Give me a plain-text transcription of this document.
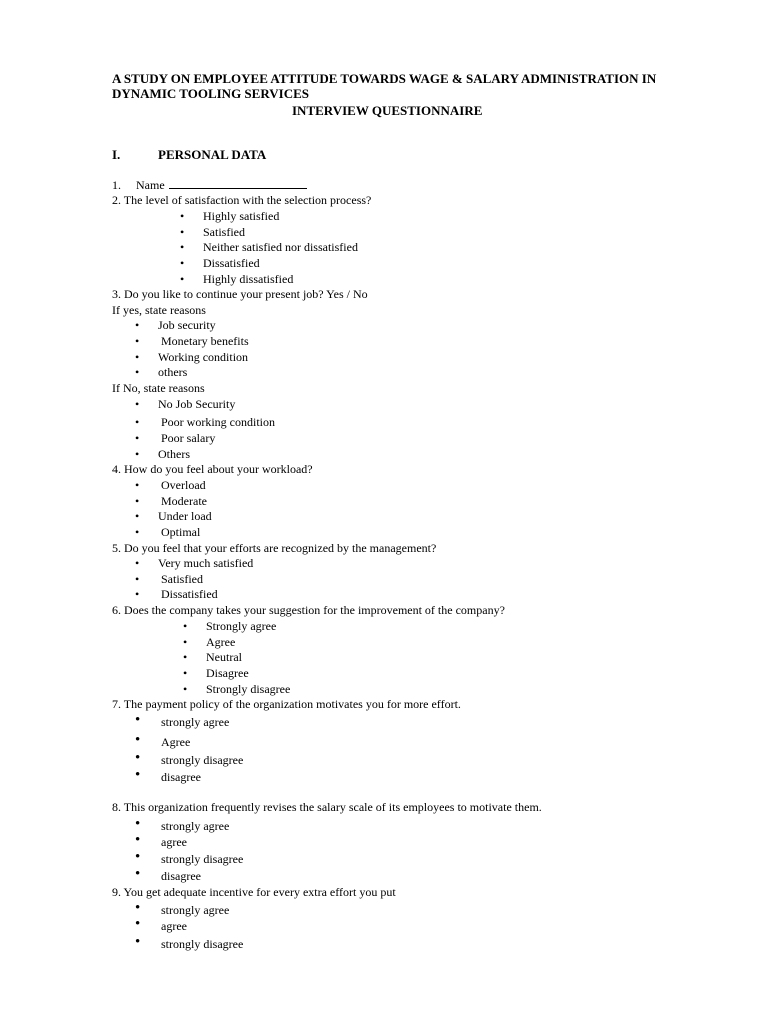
A STUDY ON EMPLOYEE ATTITUDE TOWARDS WAGE & SALARY ADMINISTRATION IN
DYNAMIC TOOLING SERVICES
INTERVIEW QUESTIONNAIRE
I.	PERSONAL DATA
1. Name
2. The level of satisfaction with the selection process?
• Highly satisfied
• Satisfied
• Neither satisfied nor dissatisfied
• Dissatisfied
• Highly dissatisfied
3. Do you like to continue your present job? Yes / No
If yes, state reasons
• Job security
• Monetary benefits
• Working condition
• others
If No, state reasons
• No Job Security
• Poor working condition
• Poor salary
• Others
4. How do you feel about your workload?
• Overload
• Moderate
• Under load
• Optimal
5. Do you feel that your efforts are recognized by the management?
• Very much satisfied
• Satisfied
• Dissatisfied
6. Does the company takes your suggestion for the improvement of the company?
• Strongly agree
• Agree
• Neutral
• Disagree
• Strongly disagree
7. The payment policy of the organization motivates you for more effort.
• strongly agree
• Agree
• strongly disagree
• disagree
8. This organization frequently revises the salary scale of its employees to motivate them.
• strongly agree
• agree
• strongly disagree
• disagree
9. You get adequate incentive for every extra effort you put
• strongly agree
• agree
• strongly disagree
